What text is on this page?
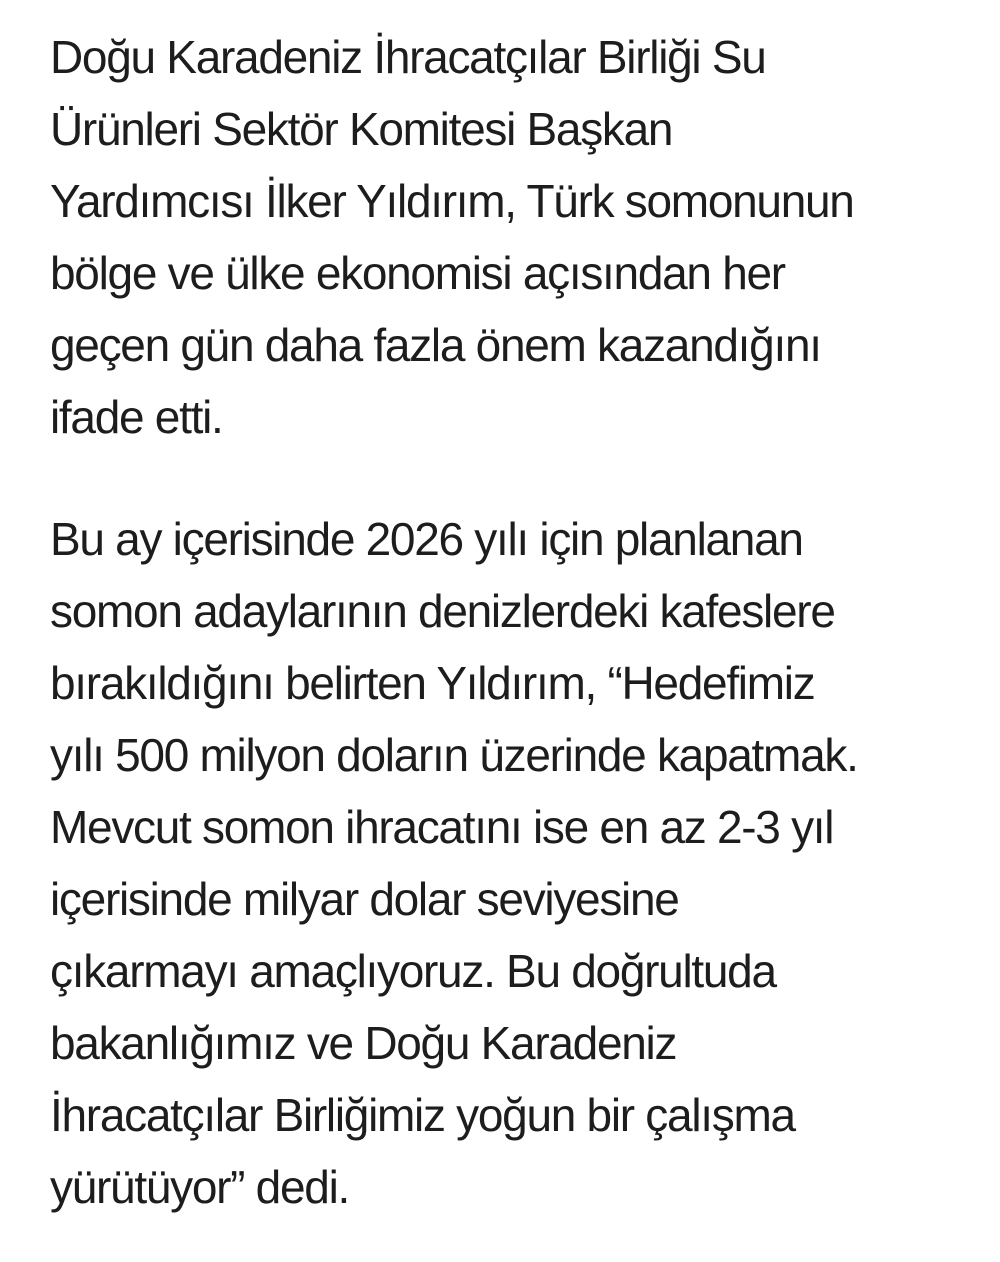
Doğu Karadeniz İhracatçılar Birliği Su
Ürünleri Sektör Komitesi Başkan
Yardımcısı İlker Yıldırım, Türk somonunun
bölge ve ülke ekonomisi açısından her
geçen gün daha fazla önem kazandığını
ifade etti.
Bu ay içerisinde 2026 yılı için planlanan
somon adaylarının denizlerdeki kafeslere
bırakıldığını belirten Yıldırım, “Hedefimiz
yılı 500 milyon doların üzerinde kapatmak.
Mevcut somon ihracatını ise en az 2-3 yıl
içerisinde milyar dolar seviyesine
çıkarmayı amaçlıyoruz. Bu doğrultuda
bakanlığımız ve Doğu Karadeniz
İhracatçılar Birliğimiz yoğun bir çalışma
yürütüyor” dedi.
